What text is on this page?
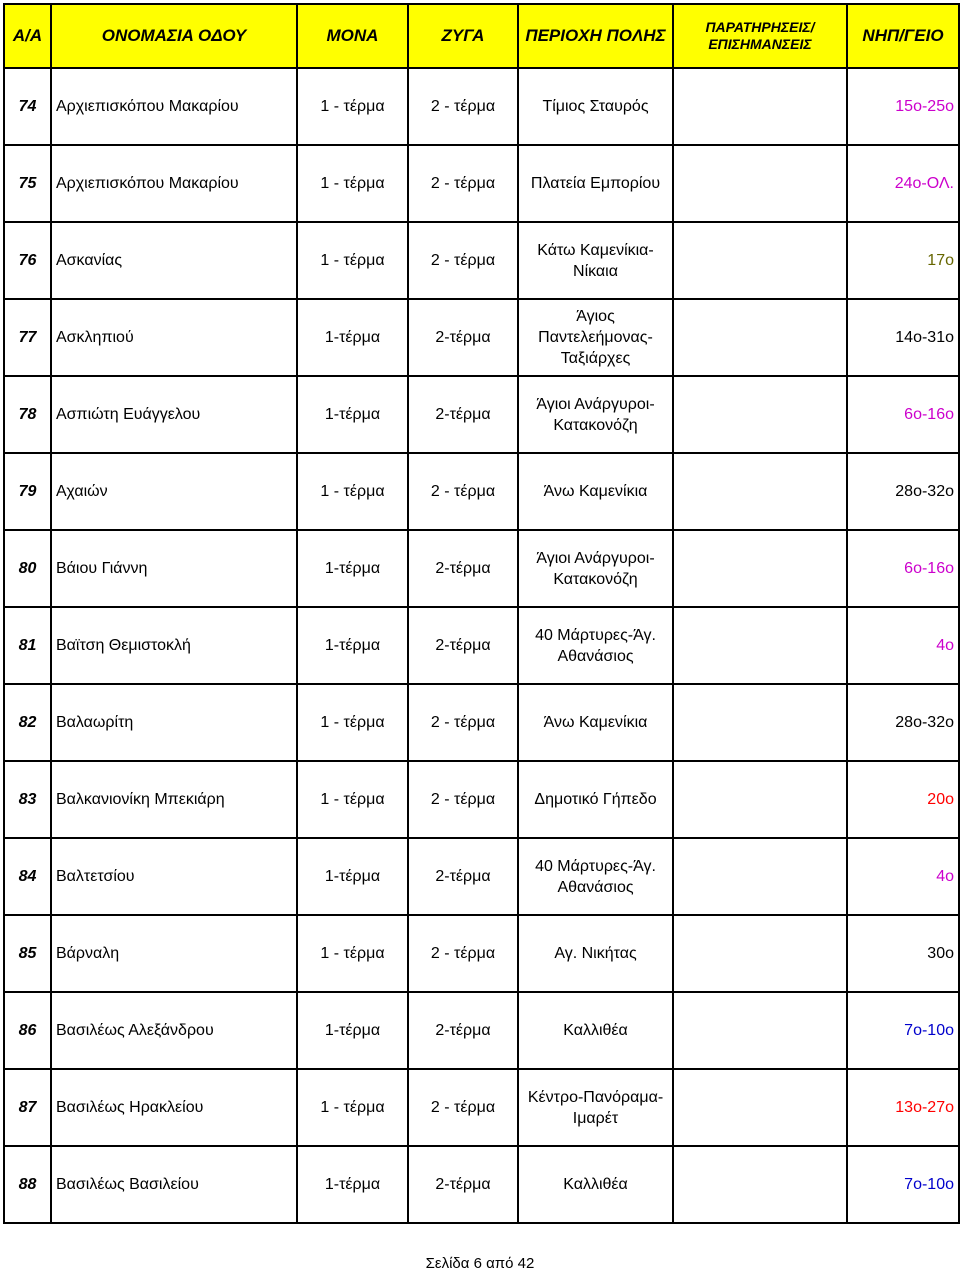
Α/Α	ΟΝΟΜΑΣΙΑ ΟΔΟΥ	ΜΟΝΑ	ΖΥΓΑ	ΠΕΡΙΟΧΗ ΠΟΛΗΣ	ΠΑΡΑΤΗΡΗΣΕΙΣ/
ΕΠΙΣΗΜΑΝΣΕΙΣ	ΝΗΠ/ΓΕΙΟ
74	Αρχιεπισκόπου Μακαρίου	1 - τέρμα	2 - τέρμα	Τίμιος Σταυρός		15ο-25ο
75	Αρχιεπισκόπου Μακαρίου	1 - τέρμα	2 - τέρμα	Πλατεία Εμπορίου		24ο-ΟΛ.
76	Ασκανίας	1 - τέρμα	2 - τέρμα	Κάτω Καμενίκια-
Νίκαια		17ο
77	Ασκληπιού	1-τέρμα	2-τέρμα	Άγιος
Παντελεήμονας-
Ταξιάρχες		14ο-31ο
78	Ασπιώτη Ευάγγελου	1-τέρμα	2-τέρμα	Άγιοι Ανάργυροι-
Κατακονόζη		6ο-16ο
79	Αχαιών	1 - τέρμα	2 - τέρμα	Άνω Καμενίκια		28ο-32ο
80	Βάιου Γιάννη	1-τέρμα	2-τέρμα	Άγιοι Ανάργυροι-
Κατακονόζη		6ο-16ο
81	Βαϊτση Θεμιστοκλή	1-τέρμα	2-τέρμα	40 Μάρτυρες-Άγ.
Αθανάσιος		4ο
82	Βαλαωρίτη	1 - τέρμα	2 - τέρμα	Άνω Καμενίκια		28ο-32ο
83	Βαλκανιονίκη Μπεκιάρη	1 - τέρμα	2 - τέρμα	Δημοτικό Γήπεδο		20ο
84	Βαλτετσίου	1-τέρμα	2-τέρμα	40 Μάρτυρες-Άγ.
Αθανάσιος		4ο
85	Βάρναλη	1 - τέρμα	2 - τέρμα	Αγ. Νικήτας		30ο
86	Βασιλέως Αλεξάνδρου	1-τέρμα	2-τέρμα	Καλλιθέα		7ο-10ο
87	Βασιλέως Ηρακλείου	1 - τέρμα	2 - τέρμα	Κέντρο-Πανόραμα-
Ιμαρέτ		13ο-27ο
88	Βασιλέως Βασιλείου	1-τέρμα	2-τέρμα	Καλλιθέα		7ο-10ο
Σελίδα 6 από 42
